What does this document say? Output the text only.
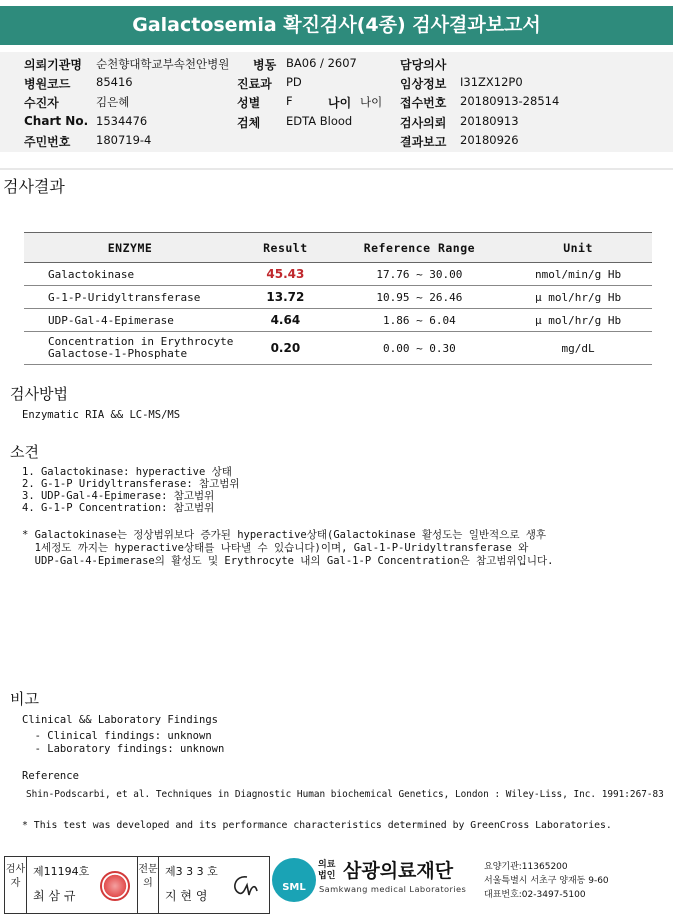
Galactosemia 확진검사(4종) 검사결과보고서
의뢰기관명 순천향대학교부속천안병원 병동 BA06 / 2607	담당의사
병원코드 85416	진료과 PD	임상정보 I31ZX12P0
수진자	김은혜	성별 F	나이 나이 접수번호 20180913-28514
Chart No. 1534476	검체 EDTA Blood	검사의뢰 20180913
주민번호 180719-4	결과보고 20180926
검사결과
ENZYME	Result	Reference Range	Unit
Galactokinase	45.43	17.76 ~ 30.00	nmol/min/g Hb
G-1-P-Uridyltransferase	13.72	10.95 ~ 26.46	μ mol/hr/g Hb
UDP-Gal-4-Epimerase	4.64	1.86 ~ 6.04	μ mol/hr/g Hb
Concentration in Erythrocyte
Galactose-1-Phosphate	0.20	0.00 ~ 0.30	mg/dL
검사방법
Enzymatic RIA && LC-MS/MS
소견
1. Galactokinase: hyperactive 상태
2. G-1-P Uridyltransferase: 참고범위
3. UDP-Gal-4-Epimerase: 참고범위
4. G-1-P Concentration: 참고범위
* Galactokinase는 정상범위보다 증가된 hyperactive상태(Galactokinase 활성도는 일반적으로 생후
1세정도 까지는 hyperactive상태를 나타낼 수 있습니다)이며, Gal-1-P-Uridyltransferase 와
UDP-Gal-4-Epimerase의 활성도 및 Erythrocyte 내의 Gal-1-P Concentration은 참고범위입니다.
비고
Clinical && Laboratory Findings
- Clinical findings: unknown
- Laboratory findings: unknown
Reference
Shin-Podscarbi, et al. Techniques in Diagnostic Human biochemical Genetics, London : Wiley-Liss, Inc. 1991:267-83
* This test was developed and its performance characteristics determined by GreenCross Laboratories.
검사자
제11194호
최 삼 규
전문의
제3 3 3 호
지 현 영
SML
의료
법인 삼광의료재단
Samkwang medical Laboratories
요양기관:11365200
서울특별시 서초구 양재동 9-60
대표번호:02-3497-5100
